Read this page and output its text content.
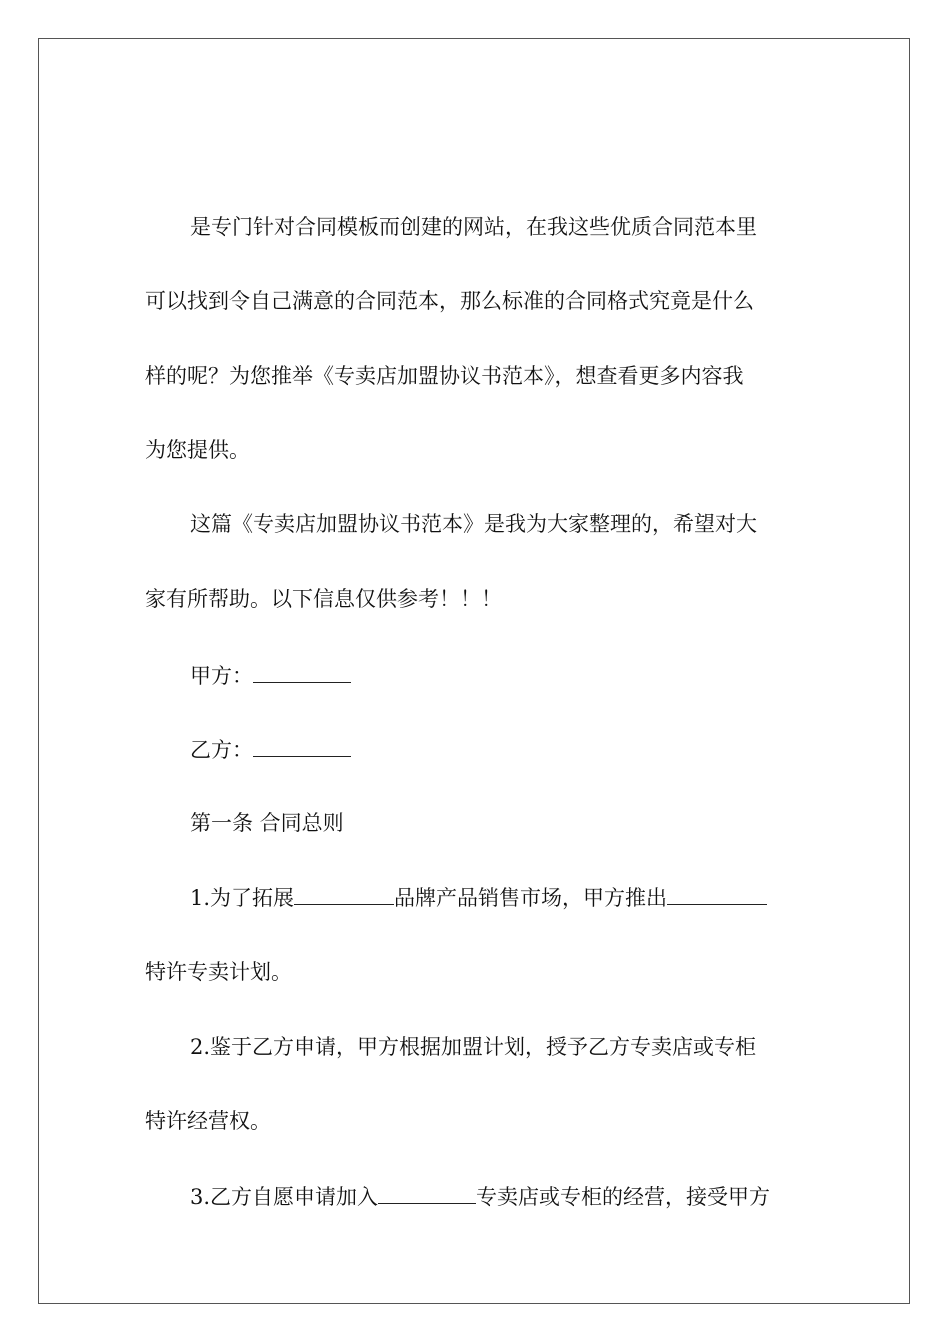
是专门针对合同模板而创建的网站，在我这些优质合同范本里
可以找到令自己满意的合同范本，那么标准的合同格式究竟是什么
样的呢？为您推举《专卖店加盟协议书范本》，想查看更多内容我
为您提供。
这篇《专卖店加盟协议书范本》是我为大家整理的，希望对大
家有所帮助。以下信息仅供参考！！！
甲方：
乙方：
第一条 合同总则
1.为了拓展	品牌产品销售市场，甲方推出
特许专卖计划。
2.鉴于乙方申请，甲方根据加盟计划，授予乙方专卖店或专柜
特许经营权。
3.乙方自愿申请加入	专卖店或专柜的经营，接受甲方
